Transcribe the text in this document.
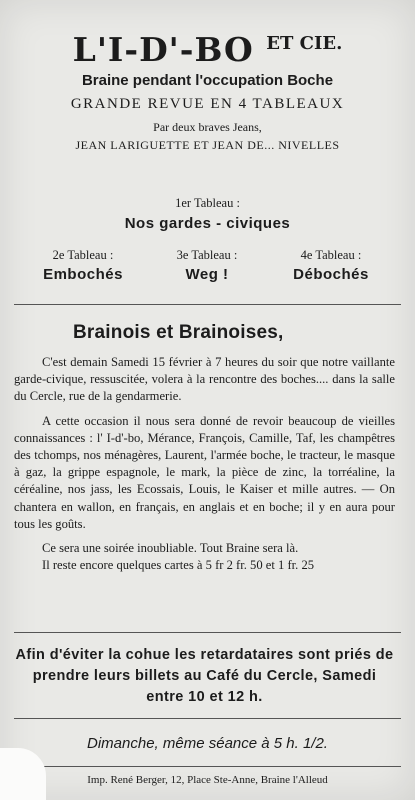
L'I-D'-BO $^{ET CIE.}$
Braine pendant l'occupation Boche
GRANDE REVUE EN 4 TABLEAUX
Par deux braves Jeans,
JEAN LARIGUETTE ET JEAN DE... NIVELLES
1er Tableau :
Nos gardes - civiques
2e Tableau :
Embochés
3e Tableau :
Weg !
4e Tableau :
Débochés
Brainois et Brainoises,

C'est demain Samedi 15 février à 7 heures du soir que notre vaillante garde-civique, ressuscitée, volera à la rencontre des boches.... dans la salle du Cercle, rue de la gendarmerie.

A cette occasion il nous sera donné de revoir beaucoup de vieilles connaissances : l' I-d'-bo, Mérance, François, Camille, Taf, les champêtres des tchomps, nos ménagères, Laurent, l'armée boche, le tracteur, le masque à gaz, la grippe espagnole, le mark, la pièce de zinc, la torréaline, la céréaline, nos jass, les Ecossais, Louis, le Kaiser et mille autres. — On chantera en wallon, en français, en anglais et en boche; il y en aura pour tous les goûts.

Ce sera une soirée inoubliable. Tout Braine sera là.

Il reste encore quelques cartes à 5 fr 2 fr. 50 et 1 fr. 25

Afin d'éviter la cohue les retardataires sont priés de prendre leurs billets au Café du Cercle, Samedi entre 10 et 12 h.
Dimanche, même séance à 5 h. 1/2.
Imp. René Berger, 12, Place Ste-Anne, Braine l'Alleud
